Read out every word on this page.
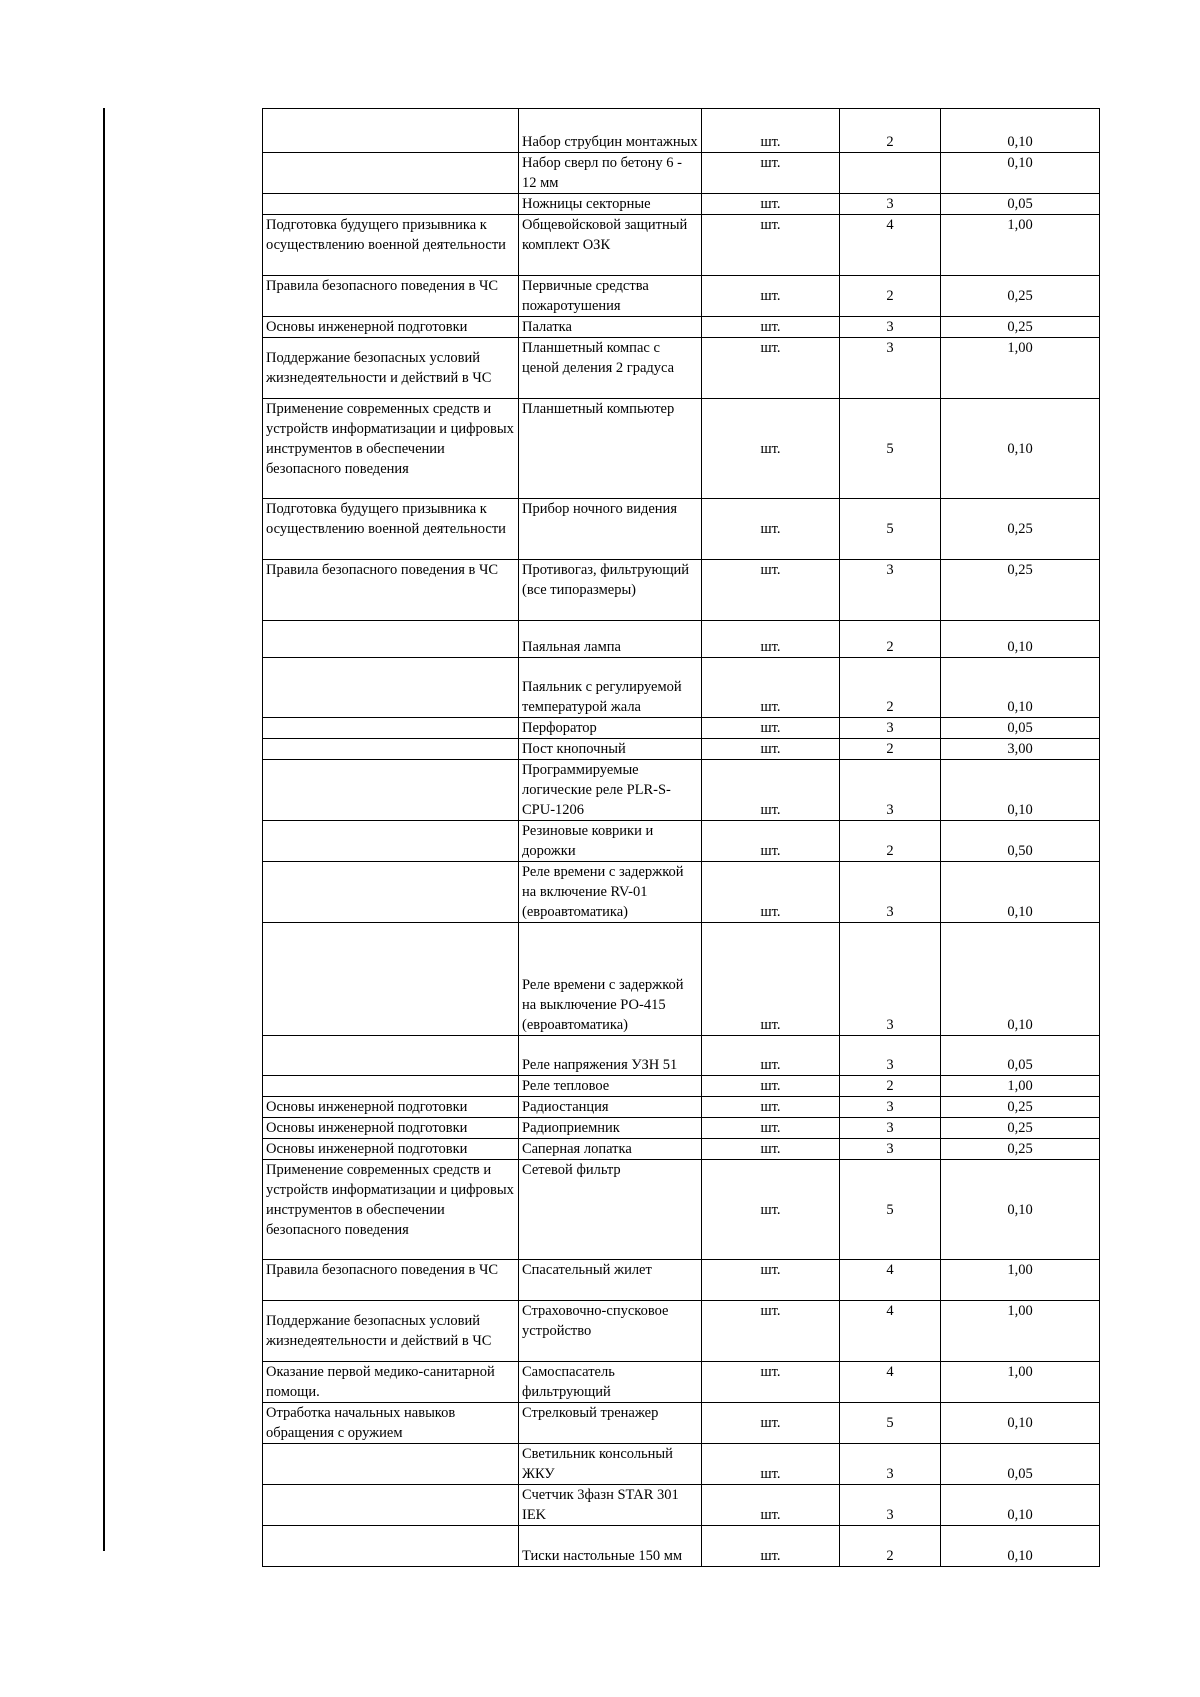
	Набор струбцин монтажных	шт.	2	0,10
	Набор сверл по бетону 6 - 12 мм	шт.		0,10
	Ножницы секторные	шт.	3	0,05
Подготовка будущего призывника к осуществлению военной деятельности	Общевойсковой защитный комплект ОЗК	шт.	4	1,00
Правила безопасного поведения в ЧС	Первичные средства пожаротушения	шт.	2	0,25
Основы инженерной подготовки	Палатка	шт.	3	0,25
Поддержание безопасных условий жизнедеятельности и действий в ЧС	Планшетный компас с ценой деления 2 градуса	шт.	3	1,00
Применение современных средств и устройств информатизации и цифровых инструментов в обеспечении безопасного поведения	Планшетный компьютер	шт.	5	0,10
Подготовка будущего призывника к осуществлению военной деятельности	Прибор ночного видения	шт.	5	0,25
Правила безопасного поведения в ЧС	Противогаз, фильтрующий (все типоразмеры)	шт.	3	0,25
	Паяльная лампа	шт.	2	0,10
	Паяльник с регулируемой температурой жала	шт.	2	0,10
	Перфоратор	шт.	3	0,05
	Пост кнопочный	шт.	2	3,00
	Программируемые логические реле PLR-S-CPU-1206	шт.	3	0,10
	Резиновые коврики и дорожки	шт.	2	0,50
	Реле времени с задержкой на включение RV-01 (евроавтоматика)	шт.	3	0,10
	Реле времени с задержкой на выключение РО-415 (евроавтоматика)	шт.	3	0,10
	Реле напряжения УЗН 51	шт.	3	0,05
	Реле тепловое	шт.	2	1,00
Основы инженерной подготовки	Радиостанция	шт.	3	0,25
Основы инженерной подготовки	Радиоприемник	шт.	3	0,25
Основы инженерной подготовки	Саперная лопатка	шт.	3	0,25
Применение современных средств и устройств информатизации и цифровых инструментов в обеспечении безопасного поведения	Сетевой фильтр	шт.	5	0,10
Правила безопасного поведения в ЧС	Спасательный жилет	шт.	4	1,00
Поддержание безопасных условий жизнедеятельности и действий в ЧС	Страховочно-спусковое устройство	шт.	4	1,00
Оказание первой медико-санитарной помощи.	Самоспасатель фильтрующий	шт.	4	1,00
Отработка начальных навыков обращения с оружием	Стрелковый тренажер	шт.	5	0,10
	Светильник консольный ЖКУ	шт.	3	0,05
	Счетчик 3фазн STAR 301 IEK	шт.	3	0,10
	Тиски настольные 150 мм	шт.	2	0,10
